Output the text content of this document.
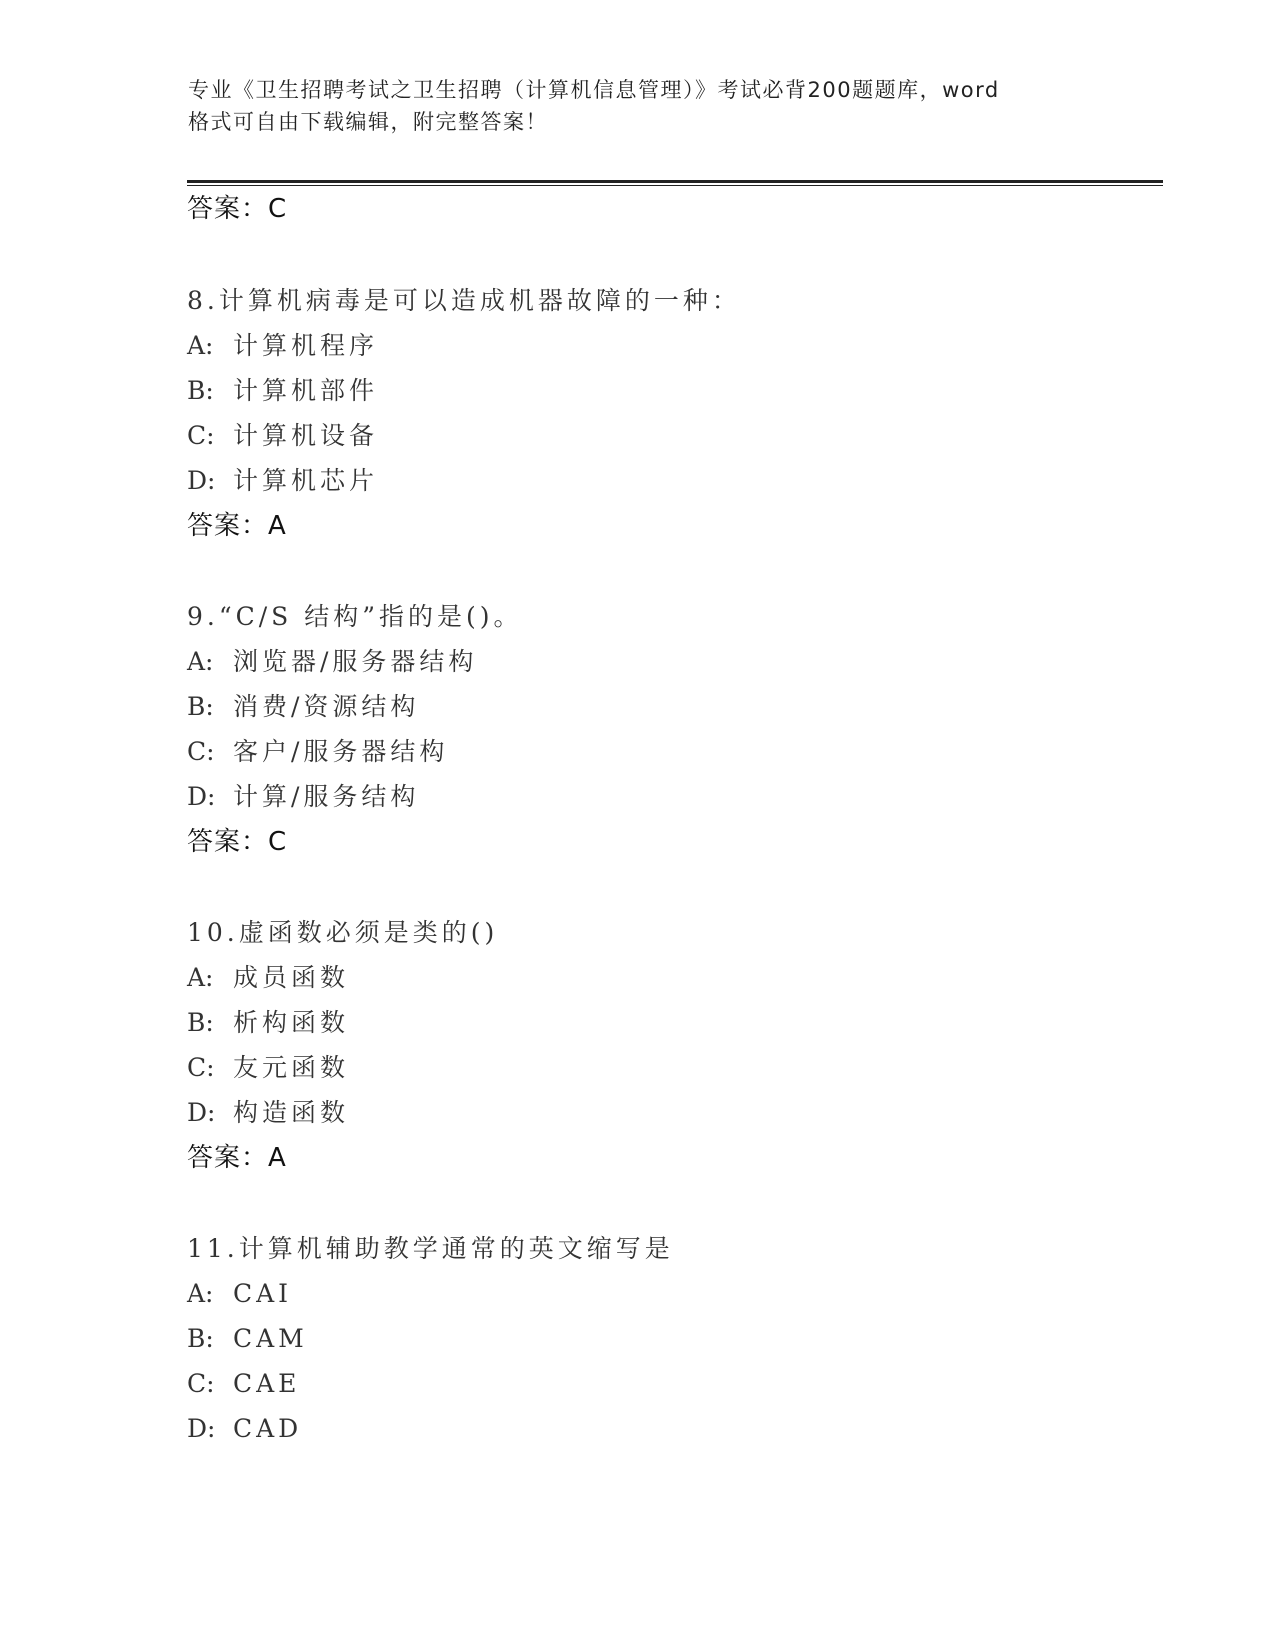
专业《卫生招聘考试之卫生招聘（计算机信息管理）》考试必背200题题库，word
格式可自由下载编辑，附完整答案！
答案：C
8.计算机病毒是可以造成机器故障的一种：
A: 计算机程序
B: 计算机部件
C: 计算机设备
D: 计算机芯片
答案：A
9.“C/S 结构”指的是()。
A: 浏览器/服务器结构
B: 消费/资源结构
C: 客户/服务器结构
D: 计算/服务结构
答案：C
10.虚函数必须是类的()
A: 成员函数
B: 析构函数
C: 友元函数
D: 构造函数
答案：A
11.计算机辅助教学通常的英文缩写是
A: CAI
B: CAM
C: CAE
D: CAD
